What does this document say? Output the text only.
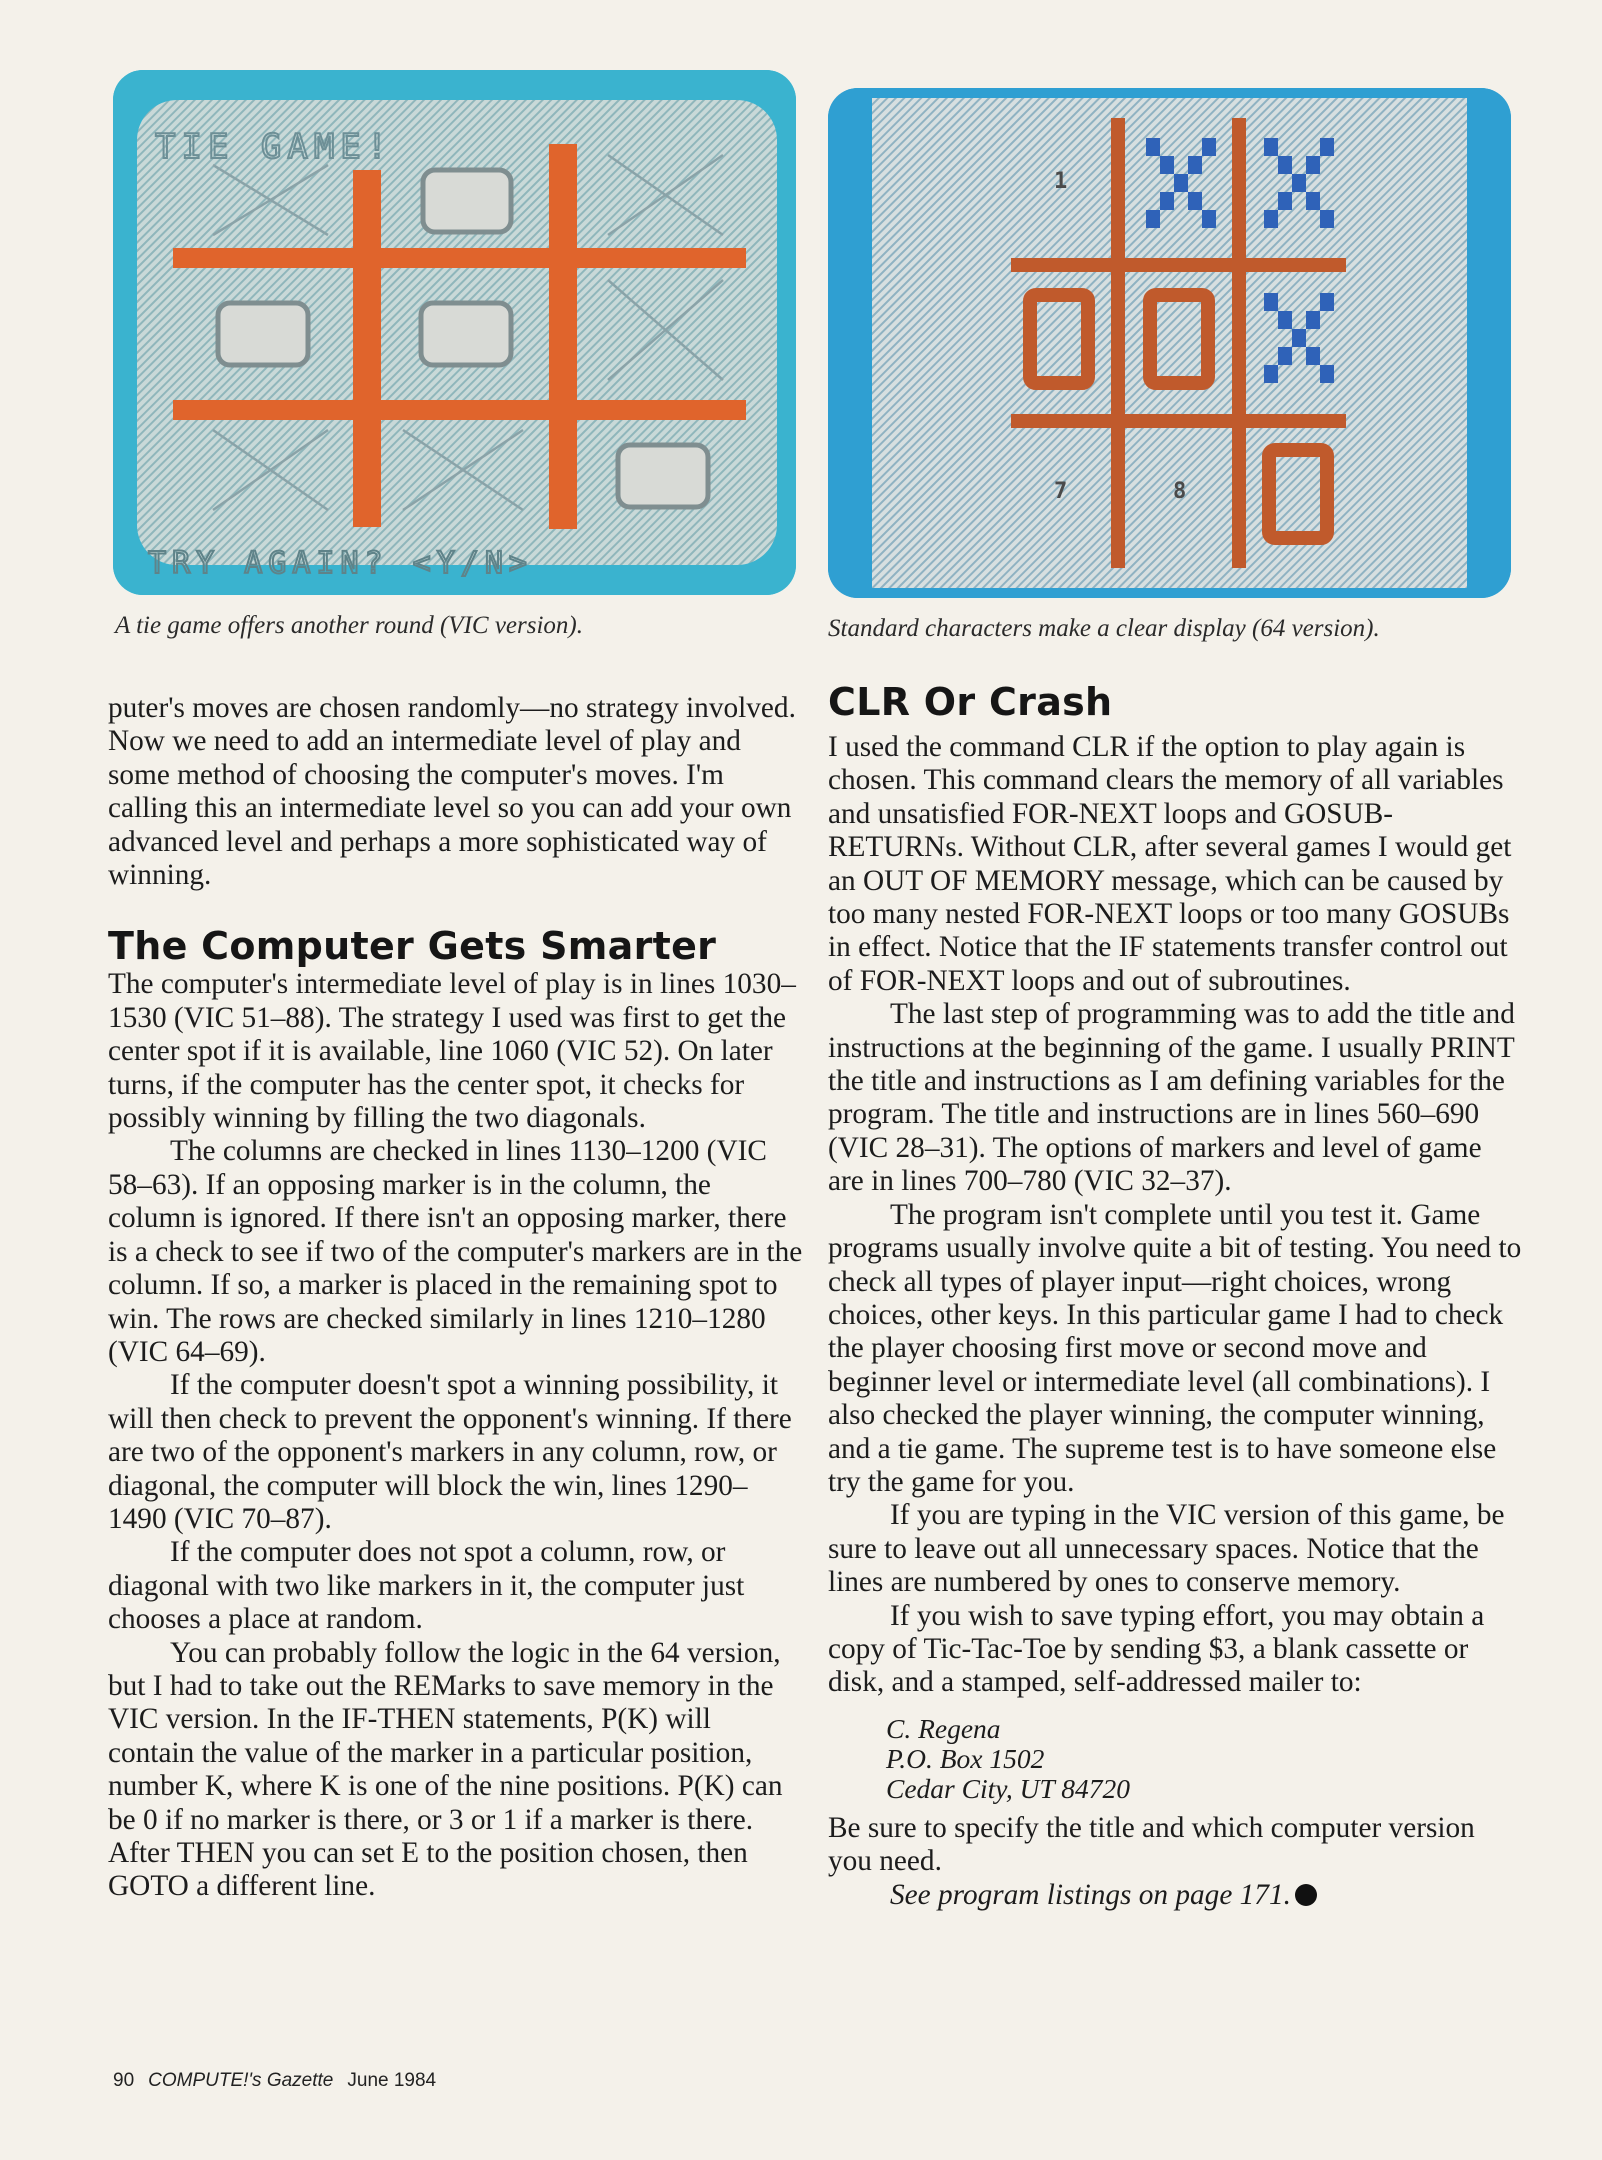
TIE GAME!
TRY AGAIN? <Y/N>
A tie game offers another round (VIC version).
1
7	8
Standard characters make a clear display (64 version).

puter's moves are chosen randomly—no strategy involved. Now we need to add an intermediate level of play and some method of choosing the computer's moves. I'm calling this an intermediate level so you can add your own advanced level and perhaps a more sophisticated way of winning.

The Computer Gets Smarter

The computer's intermediate level of play is in lines 1030–1530 (VIC 51–88). The strategy I used was first to get the center spot if it is available, line 1060 (VIC 52). On later turns, if the computer has the center spot, it checks for possibly winning by filling the two diagonals.

The columns are checked in lines 1130–1200 (VIC 58–63). If an opposing marker is in the column, the column is ignored. If there isn't an opposing marker, there is a check to see if two of the computer's markers are in the column. If so, a marker is placed in the remaining spot to win. The rows are checked similarly in lines 1210–1280 (VIC 64–69).

If the computer doesn't spot a winning possibility, it will then check to prevent the opponent's winning. If there are two of the opponent's markers in any column, row, or diagonal, the computer will block the win, lines 1290–1490 (VIC 70–87).

If the computer does not spot a column, row, or diagonal with two like markers in it, the computer just chooses a place at random.

You can probably follow the logic in the 64 version, but I had to take out the REMarks to save memory in the VIC version. In the IF-THEN statements, P(K) will contain the value of the marker in a particular position, number K, where K is one of the nine positions. P(K) can be 0 if no marker is there, or 3 or 1 if a marker is there. After THEN you can set E to the position chosen, then GOTO a different line.

CLR Or Crash

I used the command CLR if the option to play again is chosen. This command clears the memory of all variables and unsatisfied FOR-NEXT loops and GOSUB-RETURNs. Without CLR, after several games I would get an OUT OF MEMORY message, which can be caused by too many nested FOR-NEXT loops or too many GOSUBs in effect. Notice that the IF statements transfer control out of FOR-NEXT loops and out of subroutines.

The last step of programming was to add the title and instructions at the beginning of the game. I usually PRINT the title and instructions as I am defining variables for the program. The title and instructions are in lines 560–690 (VIC 28–31). The options of markers and level of game are in lines 700–780 (VIC 32–37).

The program isn't complete until you test it. Game programs usually involve quite a bit of testing. You need to check all types of player input—right choices, wrong choices, other keys. In this particular game I had to check the player choosing first move or second move and beginner level or intermediate level (all combinations). I also checked the player winning, the computer winning, and a tie game. The supreme test is to have someone else try the game for you.

If you are typing in the VIC version of this game, be sure to leave out all unnecessary spaces. Notice that the lines are numbered by ones to conserve memory.

If you wish to save typing effort, you may obtain a copy of Tic-Tac-Toe by sending $3, a blank cassette or disk, and a stamped, self-addressed mailer to:

C. Regena
P.O. Box 1502
Cedar City, UT 84720

Be sure to specify the title and which computer version you need.

See program listings on page 171.

90 COMPUTE!'s Gazette June 1984
